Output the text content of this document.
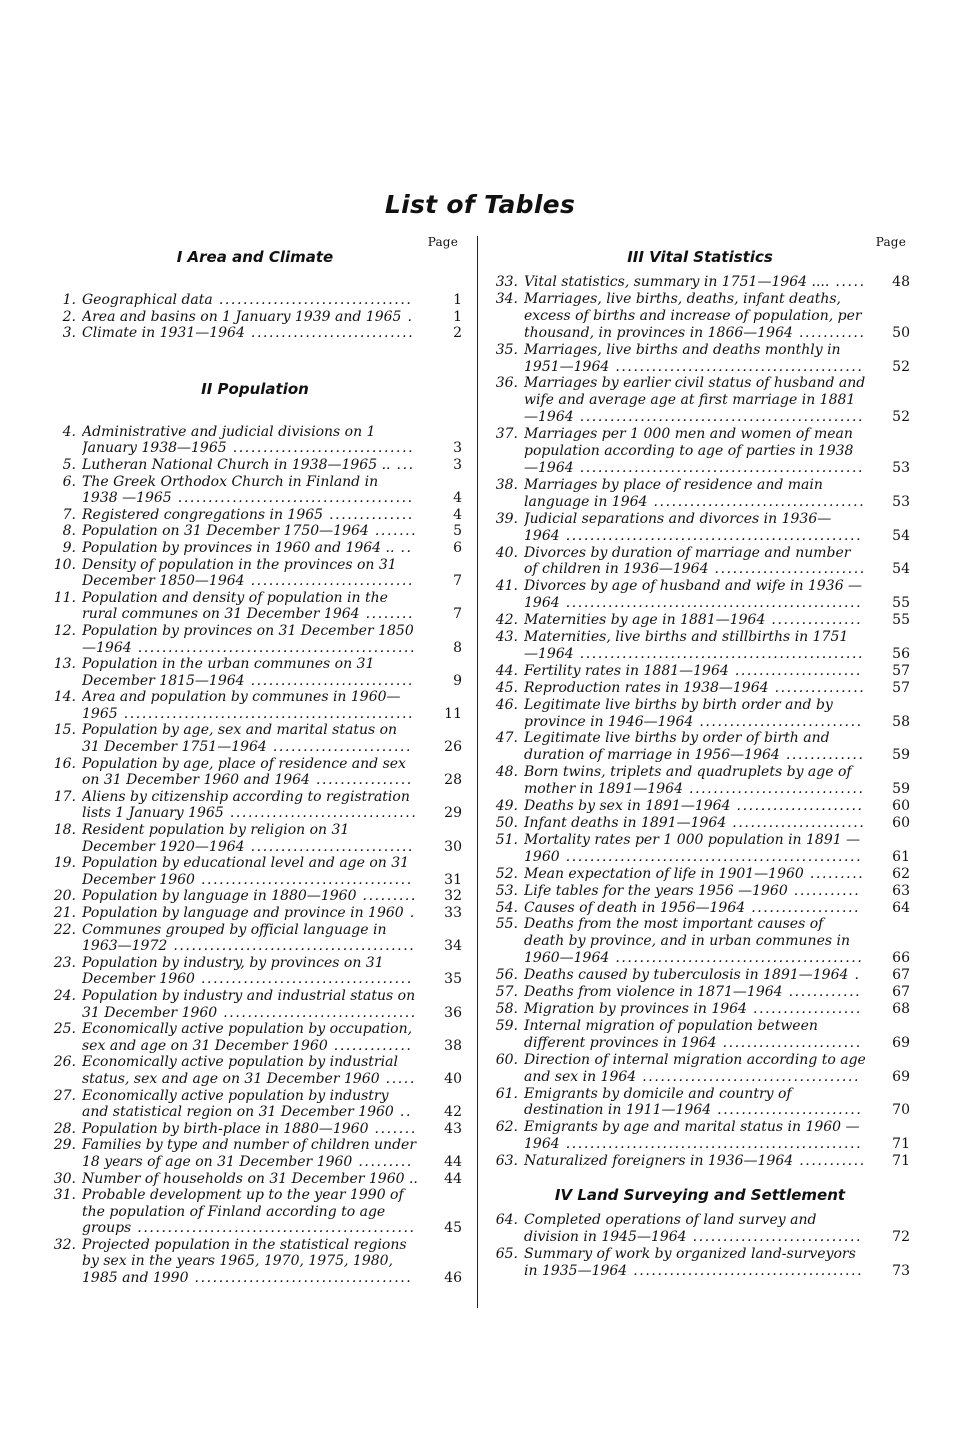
List of Tables
Page
I Area and Climate
1. Geographical data ................................	1
2. Area and basins on 1 January 1939 and 1965 .	1
3. Climate in 1931—1964 ...........................	2
II Population
4. Administrative and judicial divisions on 1 January 1938—1965 ..............................	3
5. Lutheran National Church in 1938—1965 .. ...	3
6. The Greek Orthodox Church in Finland in 1938 —1965 .......................................	4
7. Registered congregations in 1965 ..............	4
8. Population on 31 December 1750—1964 .......	5
9. Population by provinces in 1960 and 1964 .. ..	6
10. Density of population in the provinces on 31 December 1850—1964 ...........................	7
11. Population and density of population in the rural communes on 31 December 1964 ........	7
12. Population by provinces on 31 December 1850—1964 ..............................................	8
13. Population in the urban communes on 31 December 1815—1964 ...........................	9
14. Area and population by communes in 1960—1965 ................................................	11
15. Population by age, sex and marital status on 31 December 1751—1964 .......................	26
16. Population by age, place of residence and sex on 31 December 1960 and 1964 ................	28
17. Aliens by citizenship according to registration lists 1 January 1965 ...............................	29
18. Resident population by religion on 31 December 1920—1964 ...........................	30
19. Population by educational level and age on 31 December 1960 ...................................	31
20. Population by language in 1880—1960 .........	32
21. Population by language and province in 1960 .	33
22. Communes grouped by official language in 1963—1972 ........................................	34
23. Population by industry, by provinces on 31 December 1960 ...................................	35
24. Population by industry and industrial status on 31 December 1960 ................................	36
25. Economically active population by occupation, sex and age on 31 December 1960 .............	38
26. Economically active population by industrial status, sex and age on 31 December 1960 .....	40
27. Economically active population by industry and statistical region on 31 December 1960 ..	42
28. Population by birth-place in 1880—1960 .......	43
29. Families by type and number of children under 18 years of age on 31 December 1960 .........	44
30. Number of households on 31 December 1960 ..	44
31. Probable development up to the year 1990 of the population of Finland according to age groups ..............................................	45
32. Projected population in the statistical regions by sex in the years 1965, 1970, 1975, 1980, 1985 and 1990 ....................................	46
Page
III Vital Statistics
33. Vital statistics, summary in 1751—1964 .... .....	48
34. Marriages, live births, deaths, infant deaths, excess of births and increase of population, per thousand, in provinces in 1866—1964 ...........	50
35. Marriages, live births and deaths monthly in 1951—1964 .........................................	52
36. Marriages by earlier civil status of husband and wife and average age at first marriage in 1881—1964 ...............................................	52
37. Marriages per 1 000 men and women of mean population according to age of parties in 1938 —1964 ...............................................	53
38. Marriages by place of residence and main language in 1964 ...................................	53
39. Judicial separations and divorces in 1936—1964 .................................................	54
40. Divorces by duration of marriage and number of children in 1936—1964 .........................	54
41. Divorces by age of husband and wife in 1936 —1964 .................................................	55
42. Maternities by age in 1881—1964 ...............	55
43. Maternities, live births and stillbirths in 1751 —1964 ...............................................	56
44. Fertility rates in 1881—1964 .....................	57
45. Reproduction rates in 1938—1964 ...............	57
46. Legitimate live births by birth order and by province in 1946—1964 ...........................	58
47. Legitimate live births by order of birth and duration of marriage in 1956—1964 .............	59
48. Born twins, triplets and quadruplets by age of mother in 1891—1964 .............................	59
49. Deaths by sex in 1891—1964 .....................	60
50. Infant deaths in 1891—1964 ......................	60
51. Mortality rates per 1 000 population in 1891 —1960 .................................................	61
52. Mean expectation of life in 1901—1960 .........	62
53. Life tables for the years 1956 —1960 ...........	63
54. Causes of death in 1956—1964 ..................	64
55. Deaths from the most important causes of death by province, and in urban communes in 1960—1964 .........................................	66
56. Deaths caused by tuberculosis in 1891—1964 .	67
57. Deaths from violence in 1871—1964 ............	67
58. Migration by provinces in 1964 ..................	68
59. Internal migration of population between different provinces in 1964 .......................	69
60. Direction of internal migration according to age and sex in 1964 ....................................	69
61. Emigrants by domicile and country of destination in 1911—1964 ........................	70
62. Emigrants by age and marital status in 1960 —1964 .................................................	71
63. Naturalized foreigners in 1936—1964 ...........	71
IV Land Surveying and Settlement
64. Completed operations of land survey and division in 1945—1964 ............................	72
65. Summary of work by organized land-surveyors in 1935—1964 ......................................	73
